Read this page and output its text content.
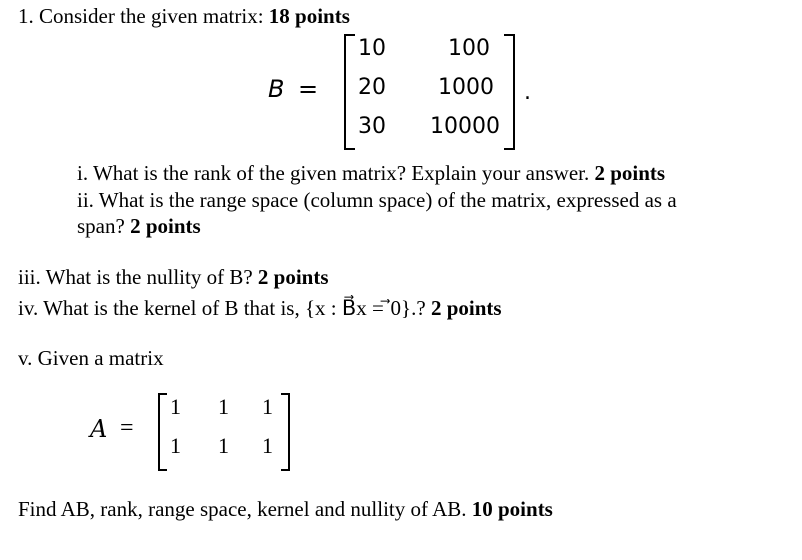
1. Consider the given matrix: 18 points
B =
10	100
20	1000
30	10000
.
i. What is the rank of the given matrix? Explain your answer. 2 points
ii. What is the range space (column space) of the matrix, expressed as a
span? 2 points
iii. What is the nullity of B? 2 points
iv. What is the kernel of B that is, {x : B⃗x = ⃗0}.? 2 points
v. Given a matrix
A =
1 1 1
1 1 1
Find AB, rank, range space, kernel and nullity of AB. 10 points
